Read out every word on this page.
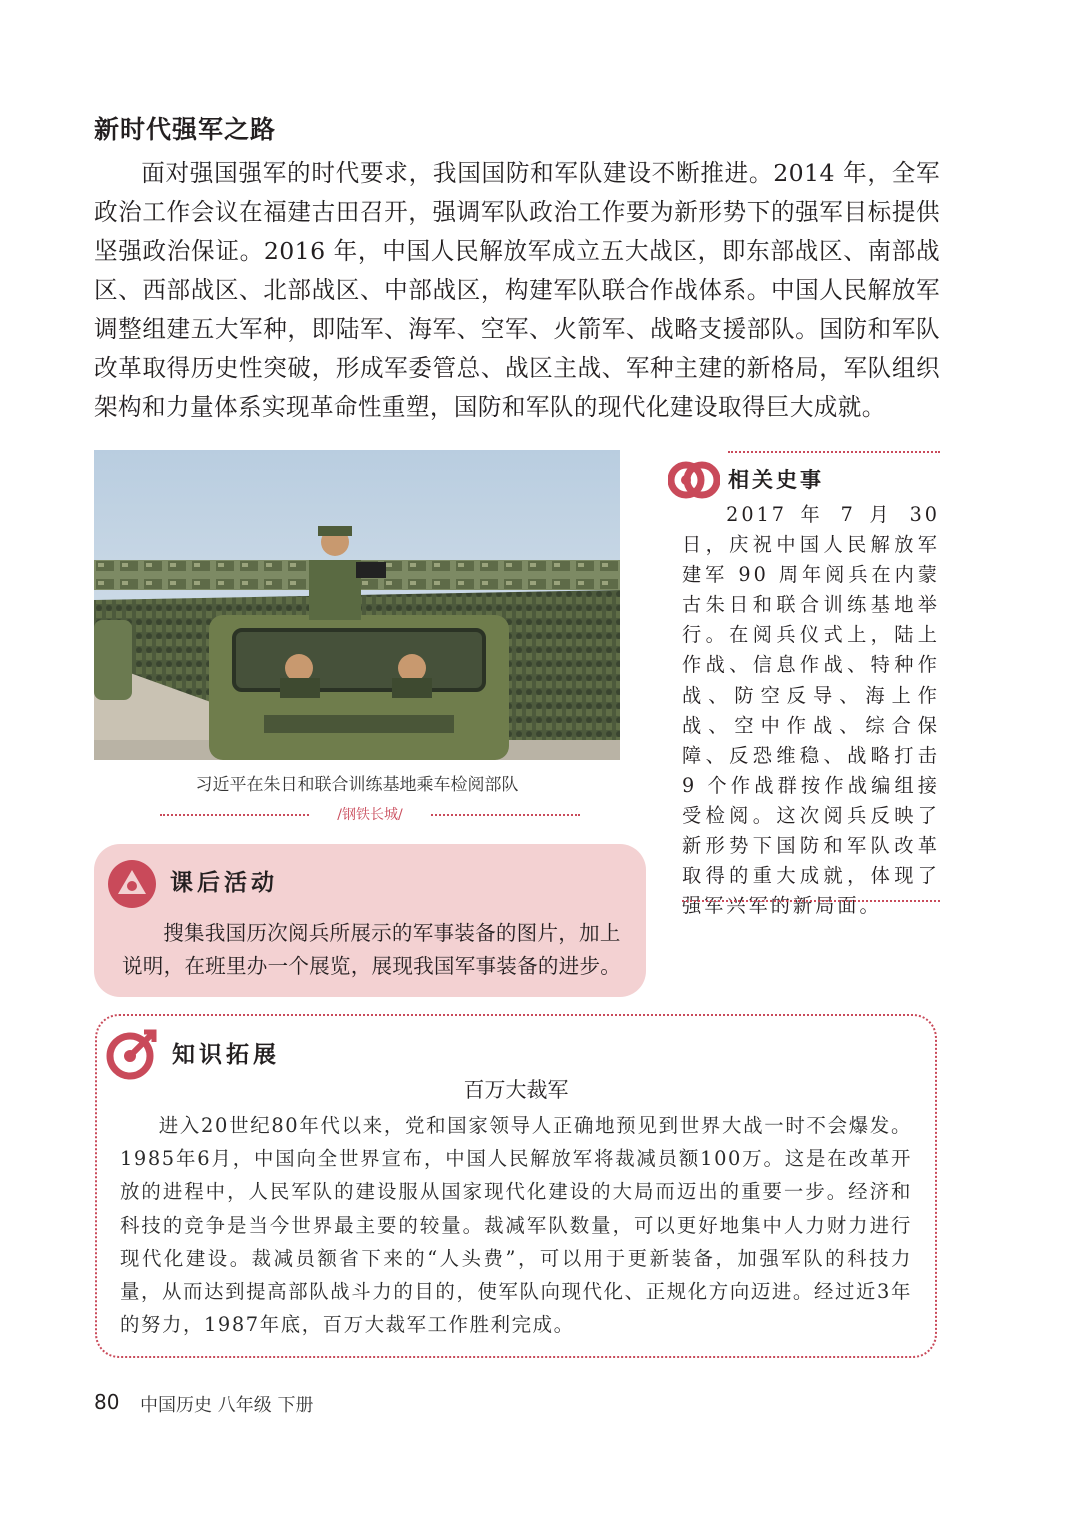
新时代强军之路
面对强国强军的时代要求，我国国防和军队建设不断推进。2014 年，全军政治工作会议在福建古田召开，强调军队政治工作要为新形势下的强军目标提供坚强政治保证。2016 年，中国人民解放军成立五大战区，即东部战区、南部战区、西部战区、北部战区、中部战区，构建军队联合作战体系。中国人民解放军调整组建五大军种，即陆军、海军、空军、火箭军、战略支援部队。国防和军队改革取得历史性突破，形成军委管总、战区主战、军种主建的新格局，军队组织架构和力量体系实现革命性重塑，国防和军队的现代化建设取得巨大成就。
习近平在朱日和联合训练基地乘车检阅部队
/钢铁长城/
相关史事
2017 年 7 月 30 日，庆祝中国人民解放军建军 90 周年阅兵在内蒙古朱日和联合训练基地举行。在阅兵仪式上，陆上作战、信息作战、特种作战、防空反导、海上作战、空中作战、综合保障、反恐维稳、战略打击 9 个作战群按作战编组接受检阅。这次阅兵反映了新形势下国防和军队改革取得的重大成就，体现了强军兴军的新局面。
课后活动
搜集我国历次阅兵所展示的军事装备的图片，加上说明，在班里办一个展览，展现我国军事装备的进步。
知识拓展
百万大裁军
进入20世纪80年代以来，党和国家领导人正确地预见到世界大战一时不会爆发。1985年6月，中国向全世界宣布，中国人民解放军将裁减员额100万。这是在改革开放的进程中，人民军队的建设服从国家现代化建设的大局而迈出的重要一步。经济和科技的竞争是当今世界最主要的较量。裁减军队数量，可以更好地集中人力财力进行现代化建设。裁减员额省下来的“人头费”，可以用于更新装备，加强军队的科技力量，从而达到提高部队战斗力的目的，使军队向现代化、正规化方向迈进。经过近3年的努力，1987年底，百万大裁军工作胜利完成。
80 中国历史 八年级 下册
